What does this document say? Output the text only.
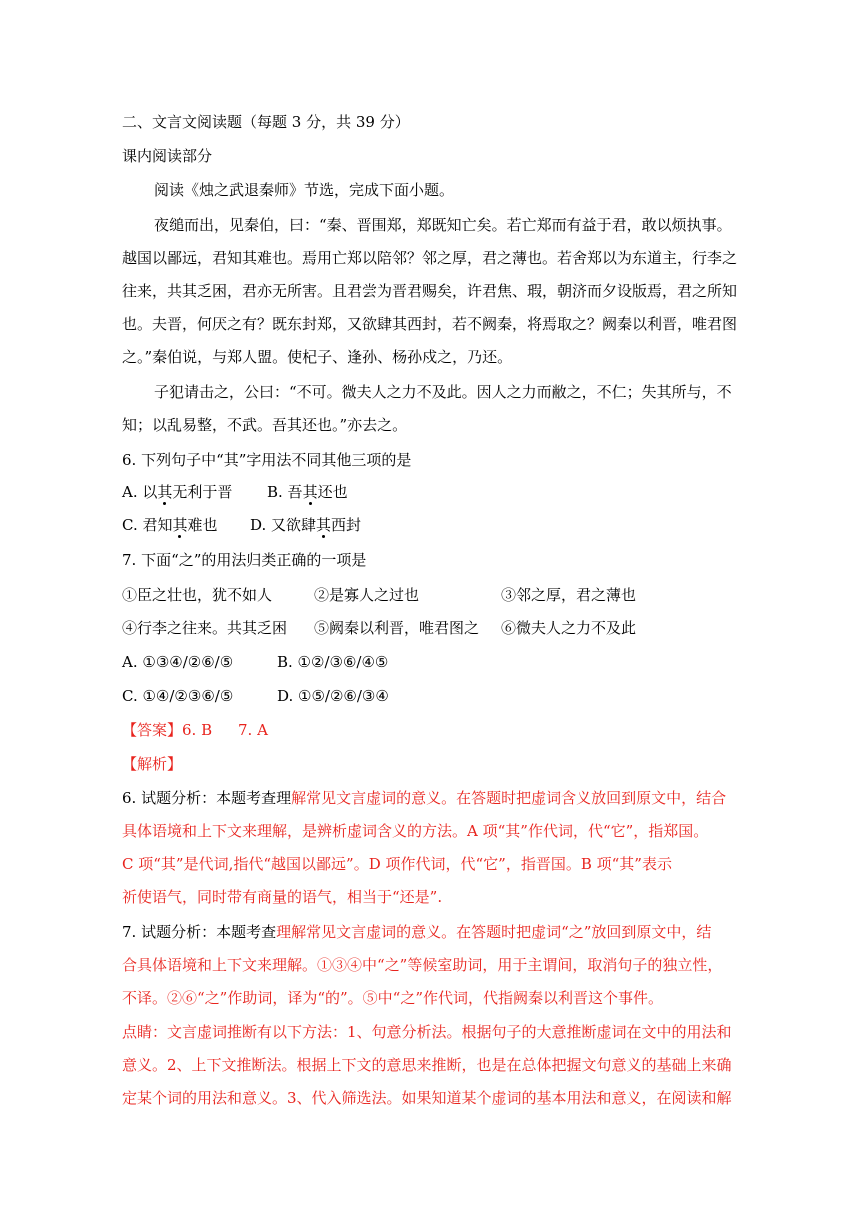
二、文言文阅读题（每题 3 分，共 39 分）
课内阅读部分
阅读《烛之武退秦师》节选，完成下面小题。
夜缒而出，见秦伯，曰：“秦、晋围郑，郑既知亡矣。若亡郑而有益于君，敢以烦执事。
越国以鄙远，君知其难也。焉用亡郑以陪邻？邻之厚，君之薄也。若舍郑以为东道主，行李之
往来，共其乏困，君亦无所害。且君尝为晋君赐矣，许君焦、瑕，朝济而夕设版焉，君之所知
也。夫晋，何厌之有？既东封郑，又欲肆其西封，若不阙秦，将焉取之？阙秦以利晋，唯君图
之。”秦伯说，与郑人盟。使杞子、逢孙、杨孙戍之，乃还。
子犯请击之，公曰：“不可。微夫人之力不及此。因人之力而敝之，不仁；失其所与，不
知；以乱易整，不武。吾其还也。”亦去之。
6. 下列句子中“其”字用法不同其他三项的是
A. 以其无利于晋 B. 吾其还也
C. 君知其难也 D. 又欲肆其西封
7. 下面“之”的用法归类正确的一项是
①臣之壮也，犹不如人	②是寡人之过也	③邻之厚，君之薄也
④行李之往来。共其乏困 ⑤阙秦以利晋，唯君图之 ⑥微夫人之力不及此
A. ①③④/②⑥/⑤	B. ①②/③⑥/④⑤
C. ①④/②③⑥/⑤	D. ①⑤/②⑥/③④
【答案】6. B 7. A
【解析】
6. 试题分析：本题考查理解常见文言虚词的意义。在答题时把虚词含义放回到原文中，结合
具体语境和上下文来理解，是辨析虚词含义的方法。A 项“其”作代词，代“它”，指郑国。
C 项“其”是代词,指代“越国以鄙远”。D 项作代词，代“它”，指晋国。B 项“其”表示
祈使语气，同时带有商量的语气，相当于“还是”.
7. 试题分析：本题考查理解常见文言虚词的意义。在答题时把虚词“之”放回到原文中，结
合具体语境和上下文来理解。①③④中“之”等候室助词，用于主谓间，取消句子的独立性，
不译。②⑥“之”作助词，译为“的”。⑤中“之”作代词，代指阙秦以利晋这个事件。
点睛：文言虚词推断有以下方法：1、句意分析法。根据句子的大意推断虚词在文中的用法和
意义。2、上下文推断法。根据上下文的意思来推断，也是在总体把握文句意义的基础上来确
定某个词的用法和意义。3、代入筛选法。如果知道某个虚词的基本用法和意义，在阅读和解
